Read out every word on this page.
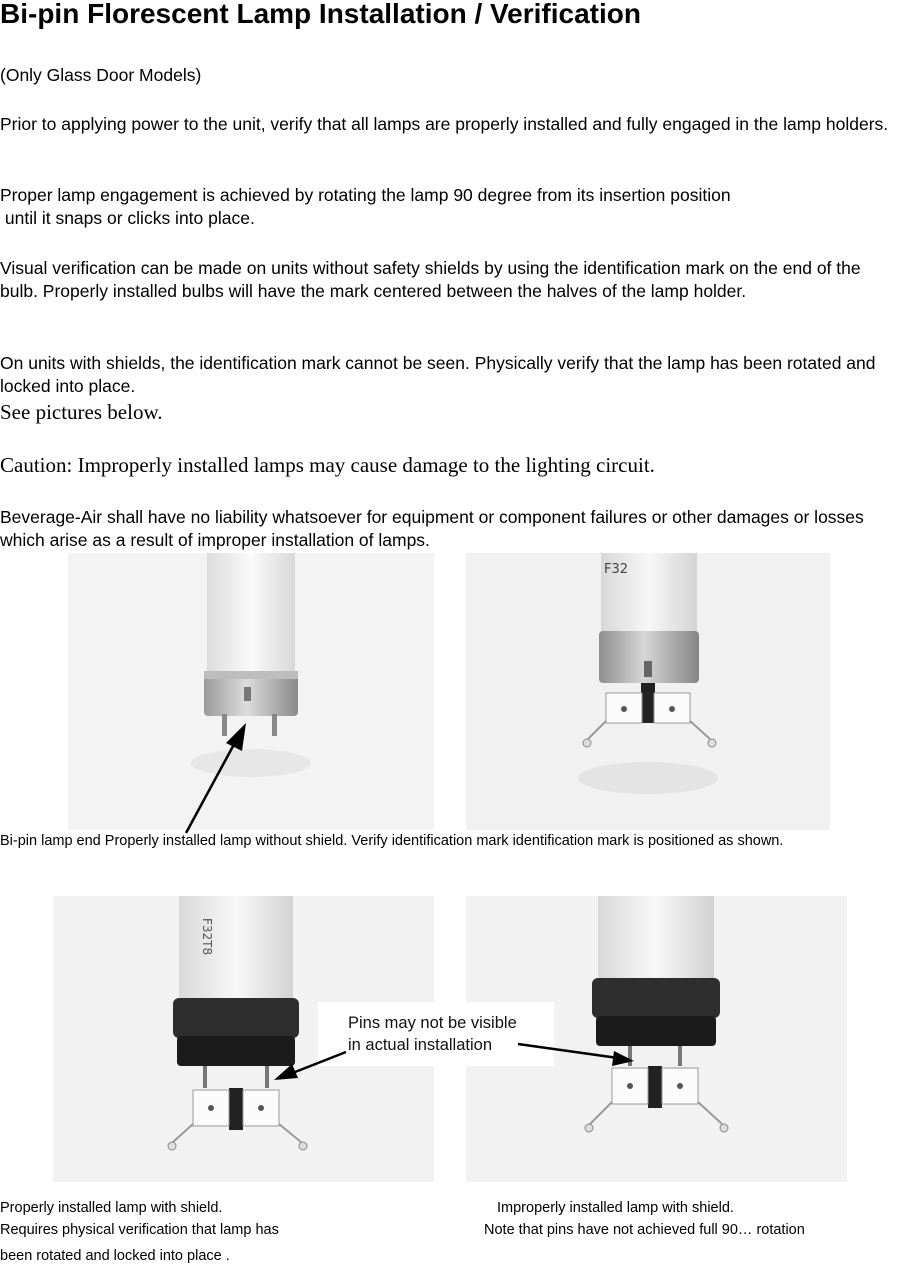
Bi-pin Florescent Lamp Installation / Verification
(Only Glass Door Models)
Prior to applying power to the unit, verify that all lamps are properly installed and fully engaged in the lamp holders.
Proper lamp engagement is achieved by rotating the lamp 90 degree from its insertion position
until it snaps or clicks into place.
Visual verification can be made on units without safety shields by using the identification mark on the end of the bulb. Properly installed bulbs will have the mark centered between the halves of the lamp holder.
On units with shields, the identification mark cannot be seen. Physically verify that the lamp has been rotated and locked into place.
See pictures below.
Caution: Improperly installed lamps may cause damage to the lighting circuit.
Beverage-Air shall have no liability whatsoever for equipment or component failures or other damages or losses which arise as a result of improper installation of lamps.
F32
Bi-pin lamp end Properly installed lamp without shield. Verify identification mark identification mark is positioned as shown.
F32T8
Pins may not be visible
in actual installation
Properly installed lamp with shield.
Requires physical verification that lamp has
been rotated and locked into place .
Improperly installed lamp with shield.
Note that pins have not achieved full 90… rotation
